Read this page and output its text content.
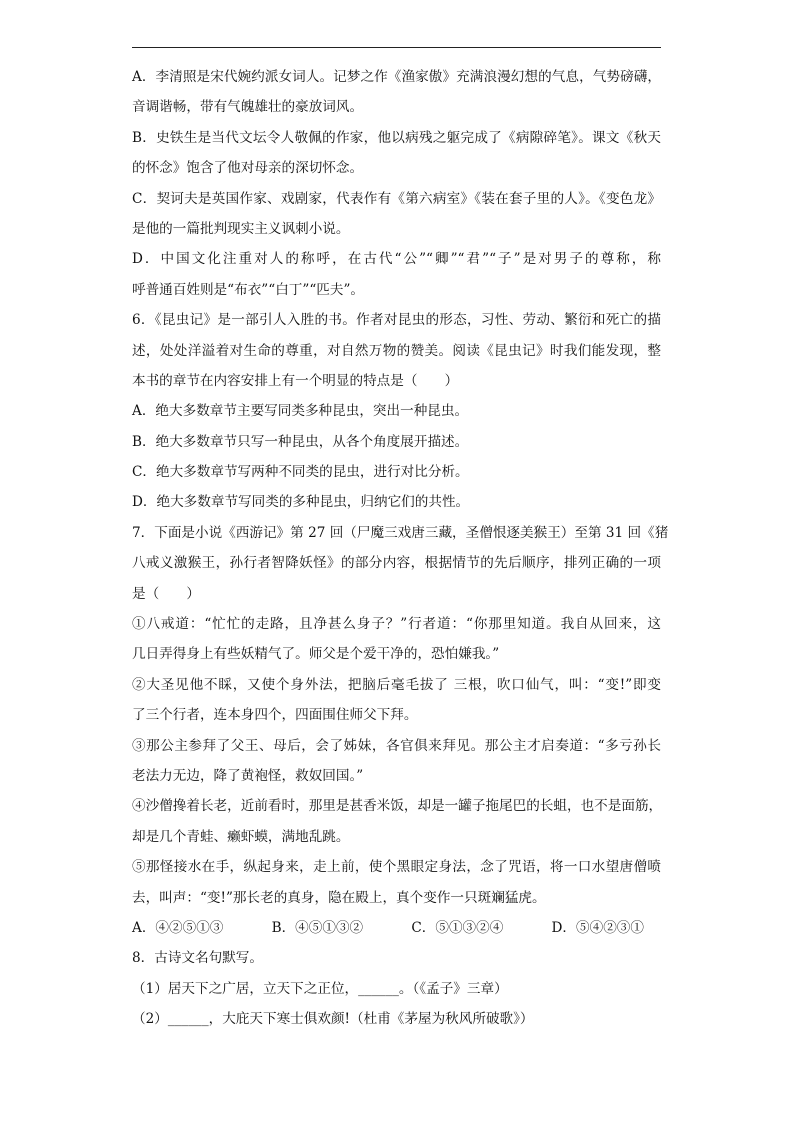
A．李清照是宋代婉约派女词人。记梦之作《渔家傲》充满浪漫幻想的气息，气势磅礴，
音调谐畅，带有气魄雄壮的豪放词风。
B．史铁生是当代文坛令人敬佩的作家，他以病残之躯完成了《病隙碎笔》。课文《秋天
的怀念》饱含了他对母亲的深切怀念。
C．契诃夫是英国作家、戏剧家，代表作有《第六病室》《装在套子里的人》。《变色龙》
是他的一篇批判现实主义讽刺小说。
D．中国文化注重对人的称呼，在古代“公”“卿”“君”“子”是对男子的尊称，称
呼普通百姓则是“布衣”“白丁”“匹夫”。
6．《昆虫记》是一部引人入胜的书。作者对昆虫的形态，习性、劳动、繁衍和死亡的描
述，处处洋溢着对生命的尊重，对自然万物的赞美。阅读《昆虫记》时我们能发现，整
本书的章节在内容安排上有一个明显的特点是（　　）
A．绝大多数章节主要写同类多种昆虫，突出一种昆虫。
B．绝大多数章节只写一种昆虫，从各个角度展开描述。
C．绝大多数章节写两种不同类的昆虫，进行对比分析。
D．绝大多数章节写同类的多种昆虫，归纳它们的共性。
7．下面是小说《西游记》第 27 回（尸魔三戏唐三藏，圣僧恨逐美猴王）至第 31 回《猪
八戒义激猴王，孙行者智降妖怪》的部分内容，根据情节的先后顺序，排列正确的一项
是（　　）
①八戒道：“忙忙的走路，且净甚么身子？”行者道：“你那里知道。我自从回来，这
几日弄得身上有些妖精气了。师父是个爱干净的，恐怕嫌我。”
②大圣见他不睬，又使个身外法，把脑后毫毛拔了 三根，吹口仙气，叫：“变!”即变
了三个行者，连本身四个，四面围住师父下拜。
③那公主参拜了父王、母后，会了姊妹，各官俱来拜见。那公主才启奏道：“多亏孙长
老法力无边，降了黄袍怪，救奴回国。”
④沙僧搀着长老，近前看时，那里是甚香米饭，却是一罐子拖尾巴的长蛆，也不是面筋，
却是几个青蛙、癞虾蟆，满地乱跳。
⑤那怪接水在手，纵起身来，走上前，使个黑眼定身法，念了咒语，将一口水望唐僧喷
去，叫声：“变!”那长老的真身，隐在殿上，真个变作一只斑斓猛虎。
A．④②⑤①③	B．④⑤①③②	C．⑤①③②④	D．⑤④②③①
8．古诗文名句默写。
（1）居天下之广居，立天下之正位，______。（《孟子》三章）
（2）______，大庇天下寒士俱欢颜!（杜甫《茅屋为秋风所破歌》）
